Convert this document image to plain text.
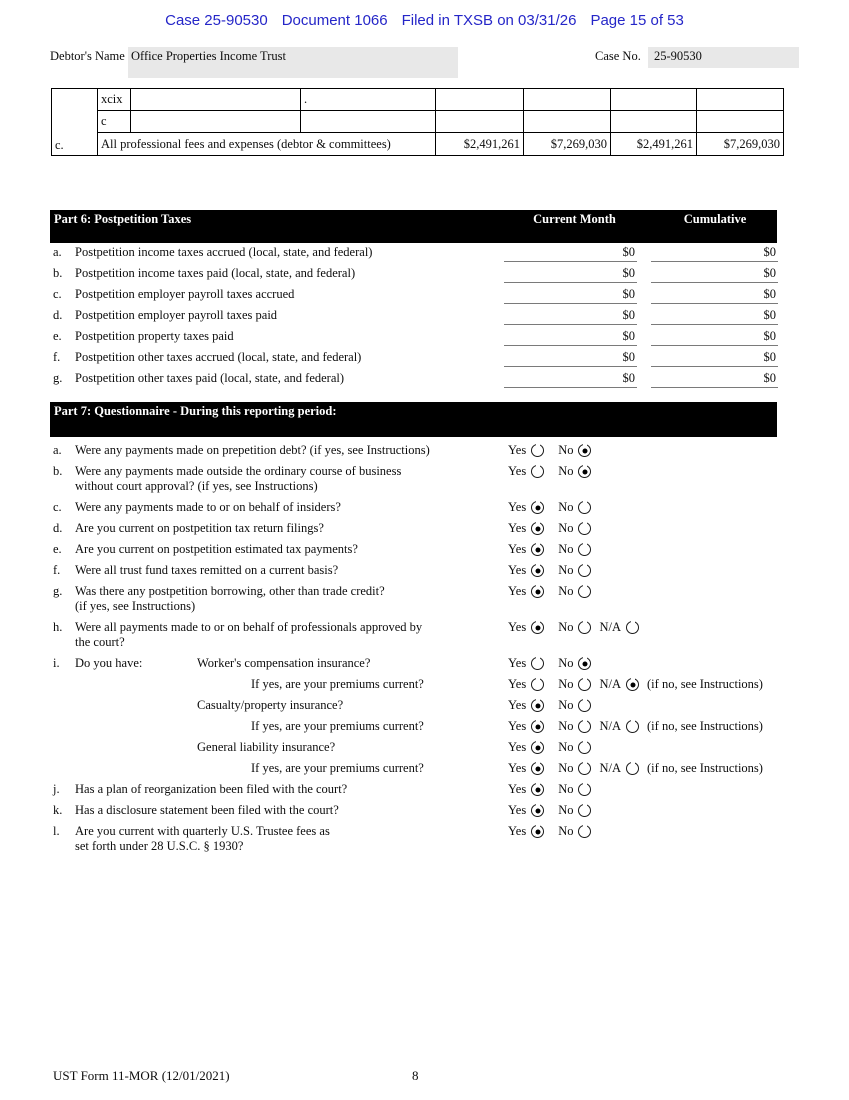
Case 25-90530 Document 1066 Filed in TXSB on 03/31/26 Page 15 of 53
Debtor's Name Office Properties Income Trust	Case No.	25-90530
c.	xcix		.				
	c						
	All professional fees and expenses (debtor & committees)			$2,491,261	$7,269,030	$2,491,261	$7,269,030
Part 6: Postpetition Taxes	Current Month	Cumulative
a.	Postpetition income taxes accrued (local, state, and federal)	$0	$0
b.	Postpetition income taxes paid (local, state, and federal)	$0	$0
c.	Postpetition employer payroll taxes accrued	$0	$0
d.	Postpetition employer payroll taxes paid	$0	$0
e.	Postpetition property taxes paid	$0	$0
f.	Postpetition other taxes accrued (local, state, and federal)	$0	$0
g.	Postpetition other taxes paid (local, state, and federal)	$0	$0
Part 7: Questionnaire - During this reporting period:
a.	Were any payments made on prepetition debt? (if yes, see Instructions)	Yes	No
b.	Were any payments made outside the ordinary course of business
without court approval? (if yes, see Instructions)
Yes	No
c.	Were any payments made to or on behalf of insiders?	Yes	No
d.	Are you current on postpetition tax return filings?	Yes	No
e.	Are you current on postpetition estimated tax payments?	Yes	No
f.	Were all trust fund taxes remitted on a current basis?	Yes	No
g.	Was there any postpetition borrowing, other than trade credit?
(if yes, see Instructions)
Yes	No
h.	Were all payments made to or on behalf of professionals approved by
the court?
Yes	No N/A
i.	Do you have:	Worker's compensation insurance?	Yes	No
If yes, are your premiums current?	Yes	No N/A (if no, see Instructions)
Casualty/property insurance?	Yes	No
If yes, are your premiums current?	Yes	No N/A (if no, see Instructions)
General liability insurance?	Yes	No
If yes, are your premiums current?	Yes	No N/A (if no, see Instructions)
j.	Has a plan of reorganization been filed with the court?	Yes	No
k.	Has a disclosure statement been filed with the court?	Yes	No
l.	Are you current with quarterly U.S. Trustee fees as
set forth under 28 U.S.C. § 1930?
Yes	No
UST Form 11-MOR (12/01/2021)	8
